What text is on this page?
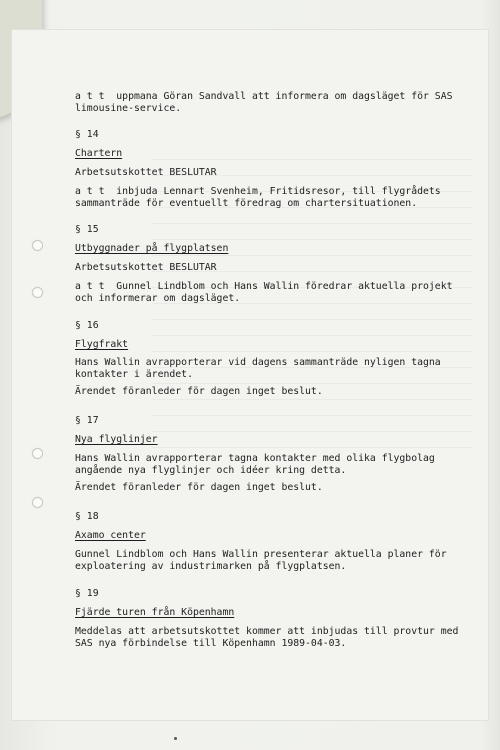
a t t  uppmana Göran Sandvall att informera om dagsläget för SAS
limousine-service.

§ 14

Chartern

Arbetsutskottet BESLUTAR

a t t  inbjuda Lennart Svenheim, Fritidsresor, till flygrådets
sammanträde för eventuellt föredrag om chartersituationen.

§ 15

Utbyggnader på flygplatsen

Arbetsutskottet BESLUTAR

a t t  Gunnel Lindblom och Hans Wallin föredrar aktuella projekt
och informerar om dagsläget.

§ 16

Flygfrakt

Hans Wallin avrapporterar vid dagens sammanträde nyligen tagna
kontakter i ärendet.

Ärendet föranleder för dagen inget beslut.

§ 17

Nya flyglinjer

Hans Wallin avrapporterar tagna kontakter med olika flygbolag
angående nya flyglinjer och idéer kring detta.

Ärendet föranleder för dagen inget beslut.

§ 18

Axamo center

Gunnel Lindblom och Hans Wallin presenterar aktuella planer för
exploatering av industrimarken på flygplatsen.

§ 19

Fjärde turen från Köpenhamn

Meddelas att arbetsutskottet kommer att inbjudas till provtur med
SAS nya förbindelse till Köpenhamn 1989-04-03.
